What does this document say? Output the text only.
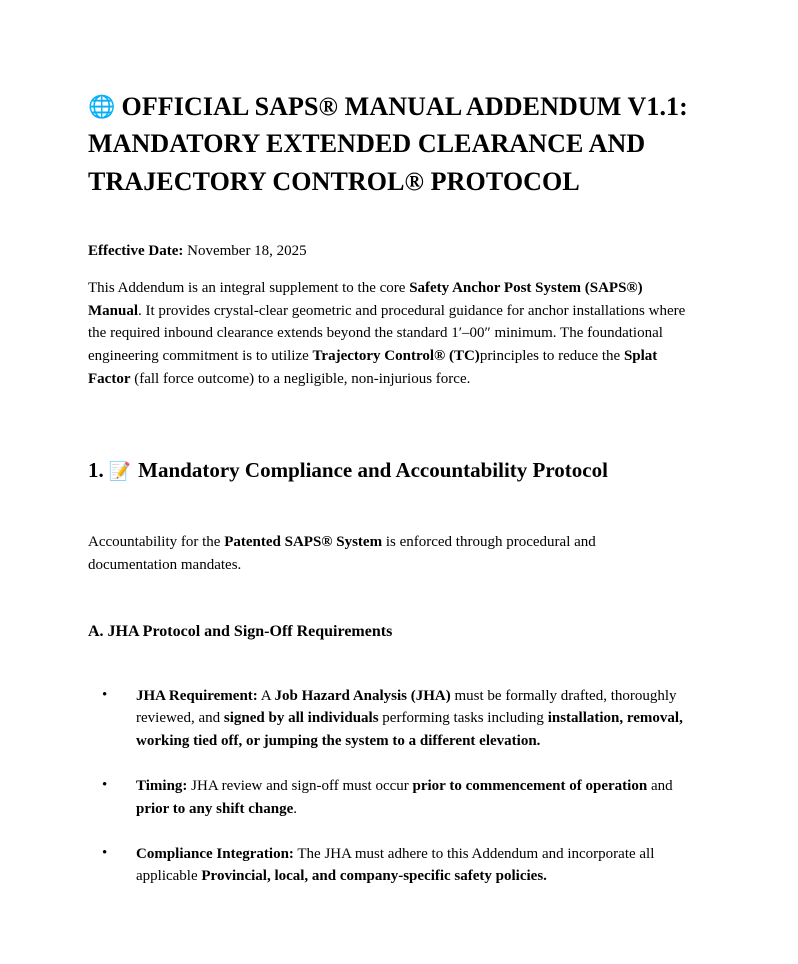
🌐 OFFICIAL SAPS® MANUAL ADDENDUM V1.1: MANDATORY EXTENDED CLEARANCE AND TRAJECTORY CONTROL® PROTOCOL

Effective Date: November 18, 2025

This Addendum is an integral supplement to the core Safety Anchor Post System (SAPS®) Manual. It provides crystal-clear geometric and procedural guidance for anchor installations where the required inbound clearance extends beyond the standard 1′–00″ minimum. The foundational engineering commitment is to utilize Trajectory Control® (TC)principles to reduce the Splat Factor (fall force outcome) to a negligible, non-injurious force.

1. 📝 Mandatory Compliance and Accountability Protocol

Accountability for the Patented SAPS® System is enforced through procedural and documentation mandates.

A. JHA Protocol and Sign-Off Requirements
• JHA Requirement: A Job Hazard Analysis (JHA) must be formally drafted, thoroughly reviewed, and signed by all individuals performing tasks including installation, removal, working tied off, or jumping the system to a different elevation.
• Timing: JHA review and sign-off must occur prior to commencement of operation and prior to any shift change.
• Compliance Integration: The JHA must adhere to this Addendum and incorporate all applicable Provincial, local, and company-specific safety policies.
